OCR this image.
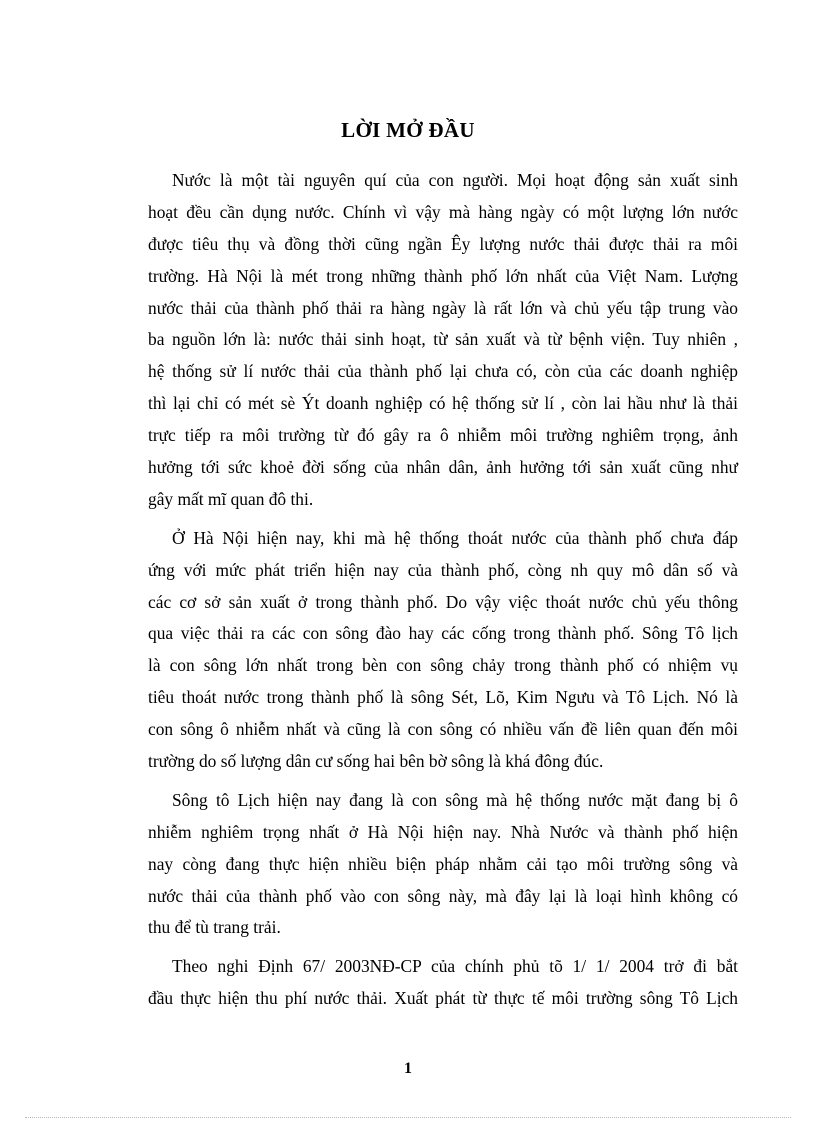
LỜI MỞ ĐẦU
Nước là một tài nguyên quí của con người. Mọi hoạt động sản xuất sinh
hoạt đều cần dụng nước. Chính vì vậy mà hàng ngày có một lượng lớn nước
được tiêu thụ và đồng thời cũng ngần Êy lượng nước thải được thải ra môi
trường. Hà Nội là mét trong những thành phố lớn nhất của Việt Nam. Lượng
nước thải của thành phố thải ra hàng ngày là rất lớn và chủ yếu tập trung vào
ba nguồn lớn là: nước thải sinh hoạt, từ sản xuất và từ bệnh viện. Tuy nhiên ,
hệ thống sử lí nước thải của thành phố lại chưa có, còn của các doanh nghiệp
thì lại chỉ có mét sè Ýt doanh nghiệp có hệ thống sử lí , còn lai hầu như là thải
trực tiếp ra môi trường từ đó gây ra ô nhiễm môi trường nghiêm trọng, ảnh
hưởng tới sức khoẻ đời sống của nhân dân, ảnh hưởng tới sản xuất cũng như
gây mất mĩ quan đô thi.
Ở Hà Nội hiện nay, khi mà hệ thống thoát nước của thành phố chưa đáp
ứng với mức phát triển hiện nay của thành phố, còng nh quy mô dân số và
các cơ sở sản xuất ở trong thành phố. Do vậy việc thoát nước chủ yếu thông
qua việc thải ra các con sông đào hay các cống trong thành phố. Sông Tô lịch
là con sông lớn nhất trong bèn con sông chảy trong thành phố có nhiệm vụ
tiêu thoát nước trong thành phố là sông Sét, Lõ, Kim Ngưu và Tô Lịch. Nó là
con sông ô nhiễm nhất và cũng là con sông có nhiều vấn đề liên quan đến môi
trường do số lượng dân cư sống hai bên bờ sông là khá đông đúc.
Sông tô Lịch hiện nay đang là con sông mà hệ thống nước mặt đang bị ô
nhiễm nghiêm trọng nhất ở Hà Nội hiện nay. Nhà Nước và thành phố hiện
nay còng đang thực hiện nhiều biện pháp nhằm cải tạo môi trường sông và
nước thải của thành phố vào con sông này, mà đây lại là loại hình không có
thu để tù trang trải.
Theo nghi Định 67/ 2003NĐ-CP của chính phủ tõ 1/ 1/ 2004 trở đi bắt
đầu thực hiện thu phí nước thải. Xuất phát từ thực tế môi trường sông Tô Lịch
1
